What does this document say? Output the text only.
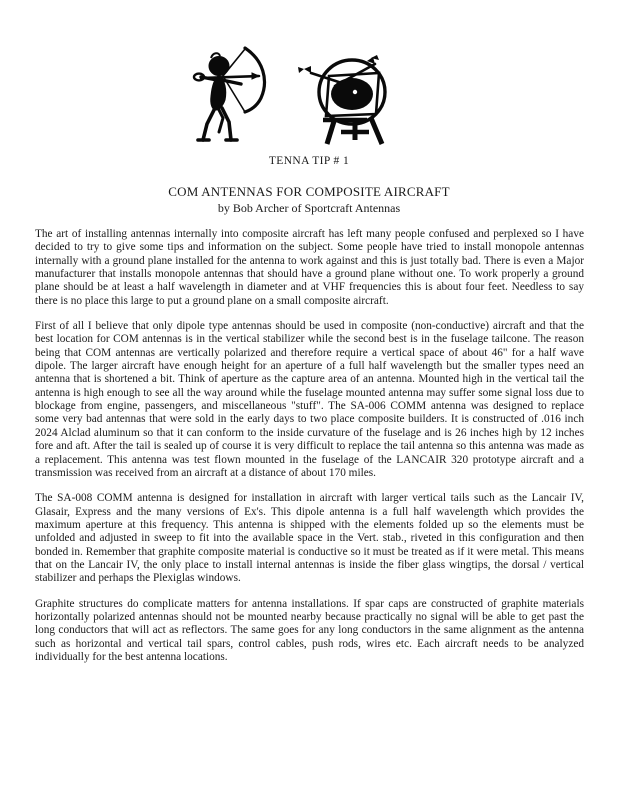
TENNA TIP # 1
COM ANTENNAS FOR COMPOSITE AIRCRAFT
by Bob Archer of Sportcraft Antennas

The art of installing antennas internally into composite aircraft has left many people confused and perplexed so I have decided to try to give some tips and information on the subject. Some people have tried to install monopole antennas internally with a ground plane installed for the antenna to work against and this is just totally bad. There is even a Major manufacturer that installs monopole antennas that should have a ground plane without one. To work properly a ground plane should be at least a half wavelength in diameter and at VHF frequencies this is about four feet. Needless to say there is no place this large to put a ground plane on a small composite aircraft.

First of all I believe that only dipole type antennas should be used in composite (non-conductive) aircraft and that the best location for COM antennas is in the vertical stabilizer while the second best is in the fuselage tailcone. The reason being that COM antennas are vertically polarized and therefore require a vertical space of about 46" for a half wave dipole. The larger aircraft have enough height for an aperture of a full half wavelength but the smaller types need an antenna that is shortened a bit. Think of aperture as the capture area of an antenna. Mounted high in the vertical tail the antenna is high enough to see all the way around while the fuselage mounted antenna may suffer some signal loss due to blockage from engine, passengers, and miscellaneous "stuff". The SA-006 COMM antenna was designed to replace some very bad antennas that were sold in the early days to two place composite builders. It is constructed of .016 inch 2024 Alclad aluminum so that it can conform to the inside curvature of the fuselage and is 26 inches high by 12 inches fore and aft. After the tail is sealed up of course it is very difficult to replace the tail antenna so this antenna was made as a replacement. This antenna was test flown mounted in the fuselage of the LANCAIR 320 prototype aircraft and a transmission was received from an aircraft at a distance of about 170 miles.

The SA-008 COMM antenna is designed for installation in aircraft with larger vertical tails such as the Lancair IV, Glasair, Express and the many versions of Ex's. This dipole antenna is a full half wavelength which provides the maximum aperture at this frequency. This antenna is shipped with the elements folded up so the elements must be unfolded and adjusted in sweep to fit into the available space in the Vert. stab., riveted in this configuration and then bonded in. Remember that graphite composite material is conductive so it must be treated as if it were metal. This means that on the Lancair IV, the only place to install internal antennas is inside the fiber glass wingtips, the dorsal / vertical stabilizer and perhaps the Plexiglas windows.

Graphite structures do complicate matters for antenna installations. If spar caps are constructed of graphite materials horizontally polarized antennas should not be mounted nearby because practically no signal will be able to get past the long conductors that will act as reflectors. The same goes for any long conductors in the same alignment as the antenna such as horizontal and vertical tail spars, control cables, push rods, wires etc. Each aircraft needs to be analyzed individually for the best antenna locations.
